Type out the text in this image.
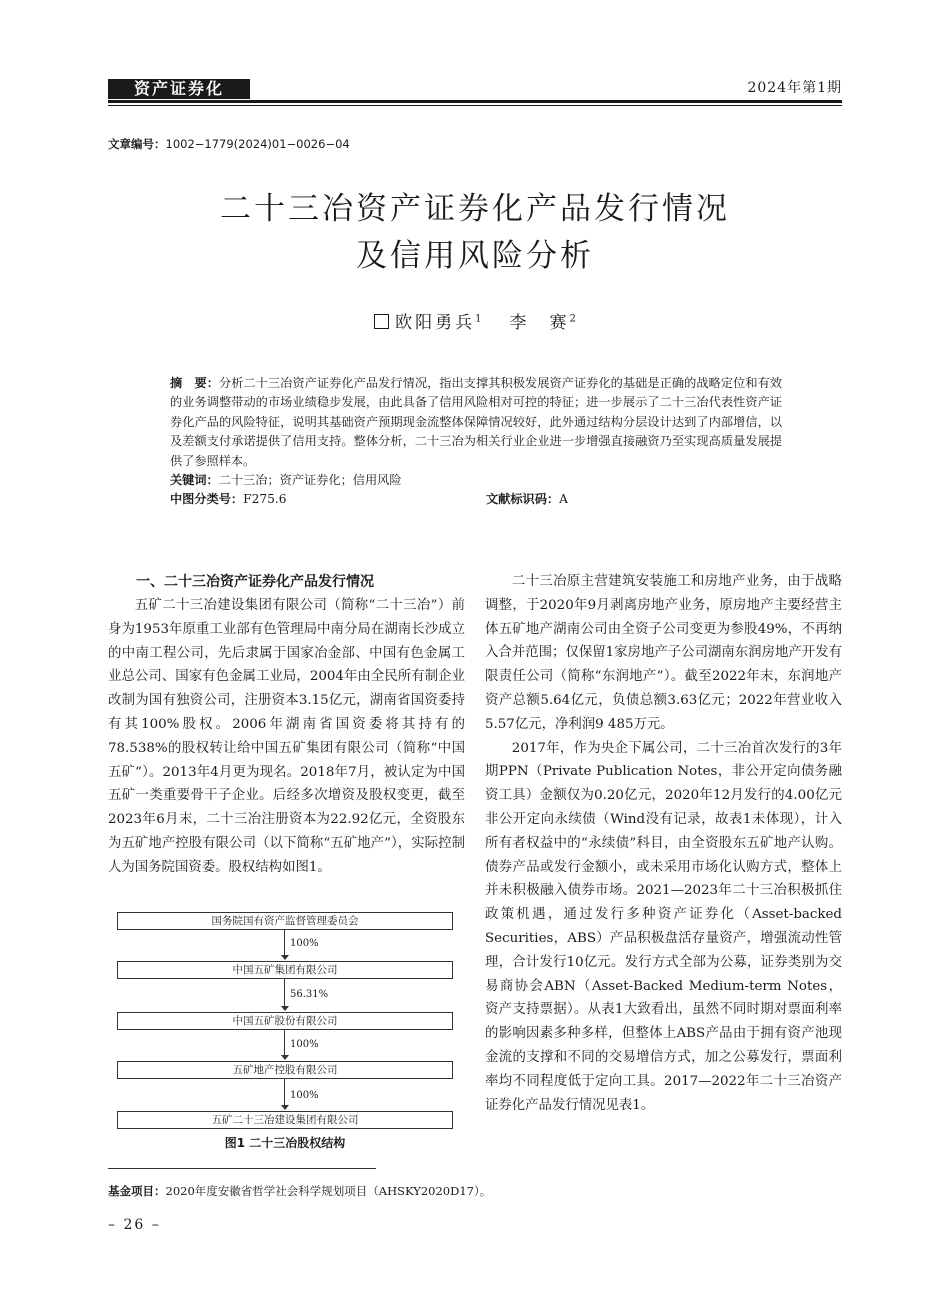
资产证券化	2024年第1期
文章编号：1002−1779(2024)01−0026−04
二十三冶资产证券化产品发行情况
及信用风险分析
欧阳勇兵$^1$ 李　赛$^2$
摘　要：分析二十三冶资产证券化产品发行情况，指出支撑其积极发展资产证券化的基础是正确的战略定位和有效的业务调整带动的市场业绩稳步发展，由此具备了信用风险相对可控的特征；进一步展示了二十三冶代表性资产证券化产品的风险特征，说明其基础资产预期现金流整体保障情况较好，此外通过结构分层设计达到了内部增信，以及差额支付承诺提供了信用支持。整体分析，二十三冶为相关行业企业进一步增强直接融资乃至实现高质量发展提供了参照样本。
关键词：二十三冶；资产证券化；信用风险
中图分类号：F275.6	文献标识码：A
一、二十三冶资产证券化产品发行情况

五矿二十三冶建设集团有限公司（简称“二十三冶”）前身为1953年原重工业部有色管理局中南分局在湖南长沙成立的中南工程公司，先后隶属于国家冶金部、中国有色金属工业总公司、国家有色金属工业局，2004年由全民所有制企业改制为国有独资公司，注册资本3.15亿元，湖南省国资委持有其100%股权。2006年湖南省国资委将其持有的78.538%的股权转让给中国五矿集团有限公司（简称“中国五矿”）。2013年4月更为现名。2018年7月，被认定为中国五矿一类重要骨干子企业。后经多次增资及股权变更，截至2023年6月末，二十三冶注册资本为22.92亿元，全资股东为五矿地产控股有限公司（以下简称“五矿地产”），实际控制人为国务院国资委。股权结构如图1。

国务院国有资产监督管理委员会
100%
中国五矿集团有限公司
56.31%
中国五矿股份有限公司
100%
五矿地产控股有限公司
100%
五矿二十三冶建设集团有限公司
图1 二十三冶股权结构

二十三冶原主营建筑安装施工和房地产业务，由于战略调整，于2020年9月剥离房地产业务，原房地产主要经营主体五矿地产湖南公司由全资子公司变更为参股49%，不再纳入合并范围；仅保留1家房地产子公司湖南东润房地产开发有限责任公司（简称“东润地产”）。截至2022年末，东润地产资产总额5.64亿元，负债总额3.63亿元；2022年营业收入5.57亿元，净利润9 485万元。

2017年，作为央企下属公司，二十三冶首次发行的3年期PPN（Private Publication Notes，非公开定向债务融资工具）金额仅为0.20亿元，2020年12月发行的4.00亿元非公开定向永续债（Wind没有记录，故表1未体现），计入所有者权益中的“永续债”科目，由全资股东五矿地产认购。债券产品或发行金额小，或未采用市场化认购方式，整体上并未积极融入债券市场。2021—2023年二十三冶积极抓住政策机遇，通过发行多种资产证券化（Asset-backed Securities，ABS）产品积极盘活存量资产，增强流动性管理，合计发行10亿元。发行方式全部为公募，证券类别为交易商协会ABN（Asset-Backed Medium-term Notes，资产支持票据）。从表1大致看出，虽然不同时期对票面利率的影响因素多种多样，但整体上ABS产品由于拥有资产池现金流的支撑和不同的交易增信方式，加之公募发行，票面利率均不同程度低于定向工具。2017—2022年二十三冶资产证券化产品发行情况见表1。

基金项目：2020年度安徽省哲学社会科学规划项目（AHSKY2020D17）。
– 26 –
